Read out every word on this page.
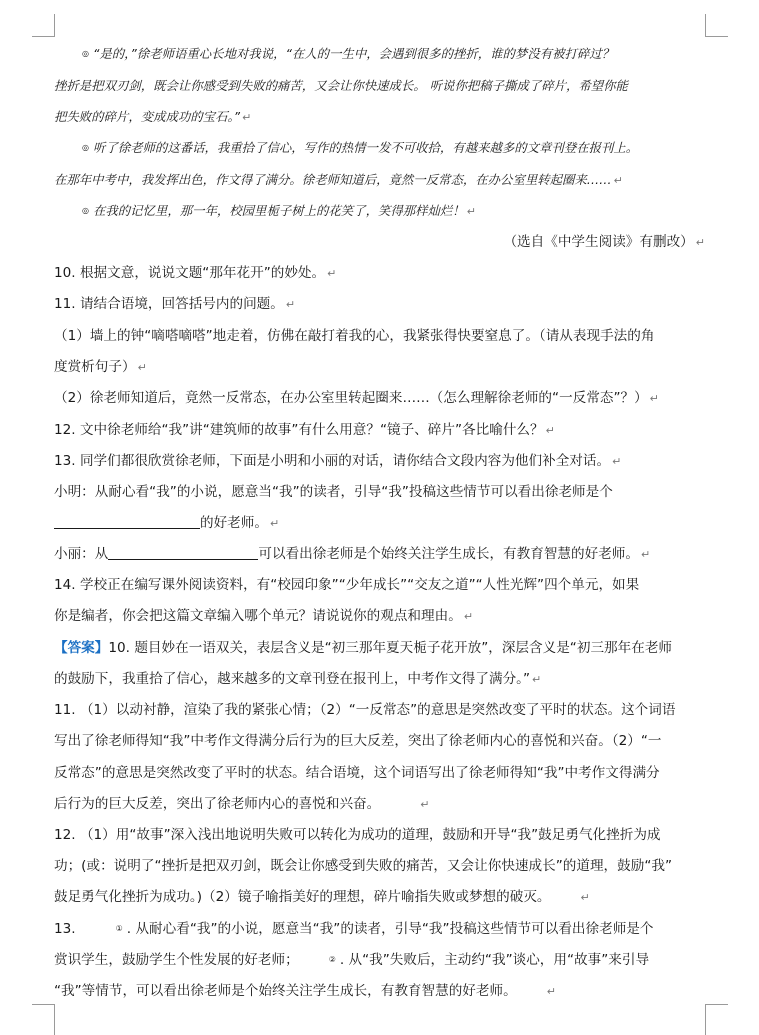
◎ “是的，”徐老师语重心长地对我说，“在人的一生中，会遇到很多的挫折，谁的梦没有被打碎过？
挫折是把双刃剑，既会让你感受到失败的痛苦，又会让你快速成长。 听说你把稿子撕成了碎片，希望你能
把失败的碎片，变成成功的宝石。” ↵
◎ 听了徐老师的这番话，我重拾了信心，写作的热情一发不可收拾，有越来越多的文章刊登在报刊上。
在那年中考中，我发挥出色，作文得了满分。徐老师知道后，竟然一反常态，在办公室里转起圈来…… ↵
◎ 在我的记忆里，那一年，校园里栀子树上的花笑了，笑得那样灿烂！ ↵
（选自《中学生阅读》有删改） ↵
10. 根据文意，说说文题“那年花开”的妙处。 ↵
11. 请结合语境，回答括号内的问题。 ↵
（1）墙上的钟“嘀嗒嘀嗒”地走着，仿佛在敲打着我的心，我紧张得快要窒息了。（请从表现手法的角
度赏析句子） ↵
（2）徐老师知道后，竟然一反常态，在办公室里转起圈来……（怎么理解徐老师的“一反常态”？） ↵
12. 文中徐老师给“我”讲“建筑师的故事”有什么用意？“镜子、碎片”各比喻什么？ ↵
13. 同学们都很欣赏徐老师，下面是小明和小丽的对话，请你结合文段内容为他们补全对话。 ↵
小明：从耐心看“我”的小说，愿意当“我”的读者，引导“我”投稿这些情节可以看出徐老师是个
的好老师。 ↵
小丽：从	可以看出徐老师是个始终关注学生成长，有教育智慧的好老师。 ↵
14. 学校正在编写课外阅读资料，有“校园印象”“少年成长”“交友之道”“人性光辉”四个单元，如果
你是编者，你会把这篇文章编入哪个单元？请说说你的观点和理由。 ↵
【答案】10. 题目妙在一语双关，表层含义是“初三那年夏天栀子花开放”，深层含义是“初三那年在老师
的鼓励下，我重拾了信心，越来越多的文章刊登在报刊上，中考作文得了满分。” ↵
11. （1）以动衬静，渲染了我的紧张心情；（2）“一反常态”的意思是突然改变了平时的状态。这个词语
写出了徐老师得知“我”中考作文得满分后行为的巨大反差，突出了徐老师内心的喜悦和兴奋。（2）“一
反常态”的意思是突然改变了平时的状态。结合语境，这个词语写出了徐老师得知“我”中考作文得满分
后行为的巨大反差，突出了徐老师内心的喜悦和兴奋。	↵
12. （1）用“故事”深入浅出地说明失败可以转化为成功的道理，鼓励和开导“我”鼓足勇气化挫折为成
功；(或：说明了“挫折是把双刃剑，既会让你感受到失败的痛苦，又会让你快速成长”的道理，鼓励“我”
鼓足勇气化挫折为成功。)（2）镜子喻指美好的理想，碎片喻指失败或梦想的破灭。	↵
13.	① . 从耐心看“我”的小说，愿意当“我”的读者，引导“我”投稿这些情节可以看出徐老师是个
赏识学生，鼓励学生个性发展的好老师；	② . 从“我”失败后，主动约“我”谈心，用“故事”来引导
“我”等情节，可以看出徐老师是个始终关注学生成长，有教育智慧的好老师。	↵
